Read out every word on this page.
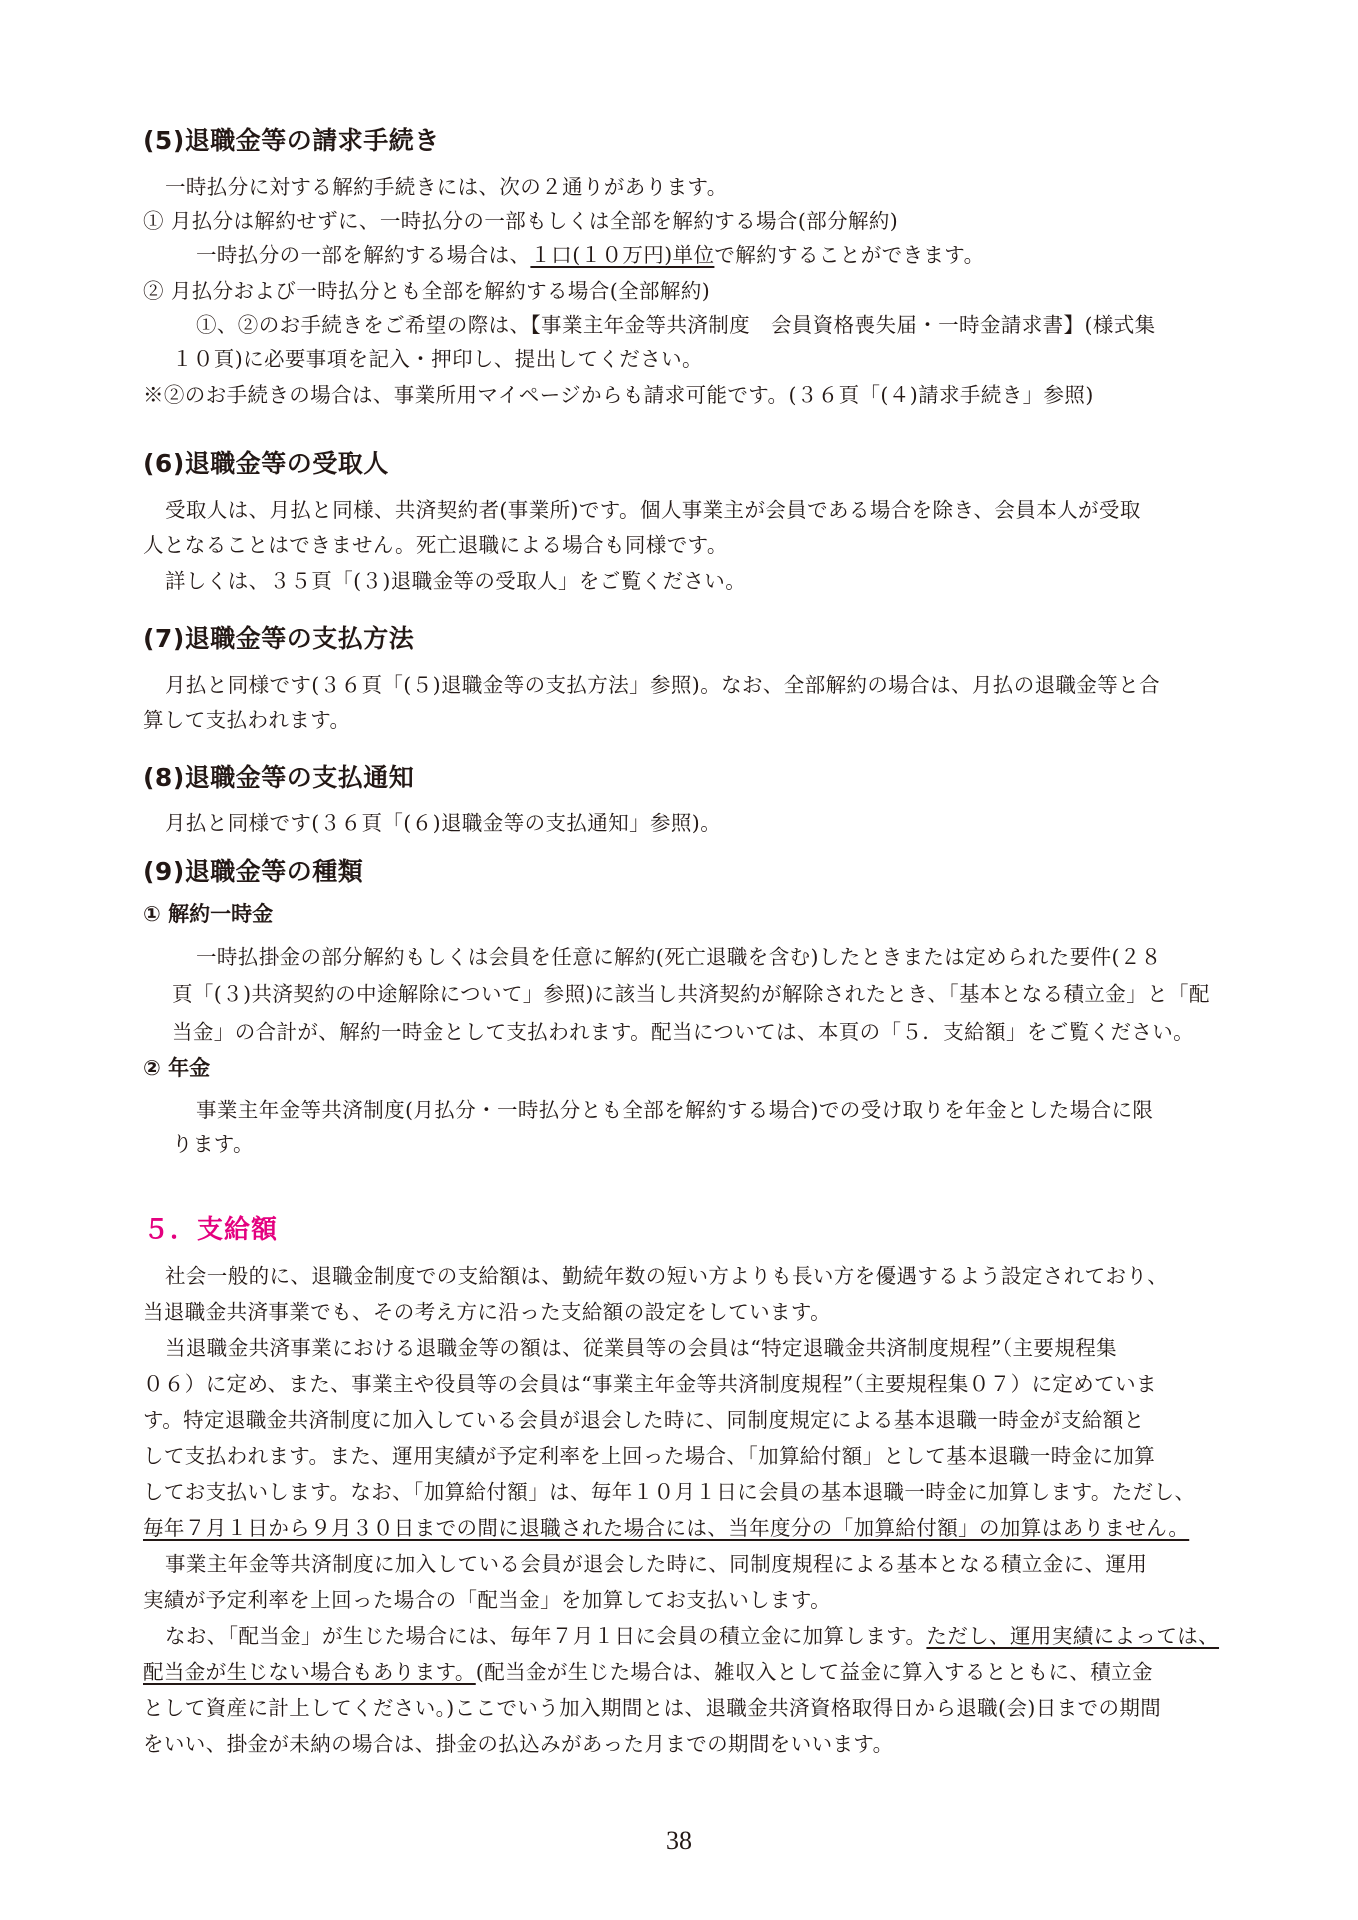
(5)退職金等の請求手続き
一時払分に対する解約手続きには、次の２通りがあります。
① 月払分は解約せずに、一時払分の一部もしくは全部を解約する場合(部分解約)
一時払分の一部を解約する場合は、１口(１０万円)単位で解約することができます。
② 月払分および一時払分とも全部を解約する場合(全部解約)
①、②のお手続きをご希望の際は、【事業主年金等共済制度　会員資格喪失届・一時金請求書】(様式集
１０頁)に必要事項を記入・押印し、提出してください。
※②のお手続きの場合は、事業所用マイページからも請求可能です。(３６頁「(４)請求手続き」参照)
(6)退職金等の受取人
受取人は、月払と同様、共済契約者(事業所)です。個人事業主が会員である場合を除き、会員本人が受取
人となることはできません。死亡退職による場合も同様です。
詳しくは、３５頁「(３)退職金等の受取人」をご覧ください。
(7)退職金等の支払方法
月払と同様です(３６頁「(５)退職金等の支払方法」参照)。なお、全部解約の場合は、月払の退職金等と合
算して支払われます。
(8)退職金等の支払通知
月払と同様です(３６頁「(６)退職金等の支払通知」参照)。
(9)退職金等の種類
① 解約一時金
一時払掛金の部分解約もしくは会員を任意に解約(死亡退職を含む)したときまたは定められた要件(２８
頁「(３)共済契約の中途解除について」参照)に該当し共済契約が解除されたとき、「基本となる積立金」と「配
当金」の合計が、解約一時金として支払われます。配当については、本頁の「５．支給額」をご覧ください。
② 年金
事業主年金等共済制度(月払分・一時払分とも全部を解約する場合)での受け取りを年金とした場合に限
ります。
５．支給額
社会一般的に、退職金制度での支給額は、勤続年数の短い方よりも長い方を優遇するよう設定されており、
当退職金共済事業でも、その考え方に沿った支給額の設定をしています。
当退職金共済事業における退職金等の額は、従業員等の会員は“特定退職金共済制度規程”（主要規程集
０６）に定め、また、事業主や役員等の会員は“事業主年金等共済制度規程”（主要規程集０７）に定めていま
す。特定退職金共済制度に加入している会員が退会した時に、同制度規定による基本退職一時金が支給額と
して支払われます。また、運用実績が予定利率を上回った場合、「加算給付額」として基本退職一時金に加算
してお支払いします。なお、「加算給付額」は、毎年１０月１日に会員の基本退職一時金に加算します。ただし、
毎年７月１日から９月３０日までの間に退職された場合には、当年度分の「加算給付額」の加算はありません。
事業主年金等共済制度に加入している会員が退会した時に、同制度規程による基本となる積立金に、運用
実績が予定利率を上回った場合の「配当金」を加算してお支払いします。
なお、「配当金」が生じた場合には、毎年７月１日に会員の積立金に加算します。ただし、運用実績によっては、
配当金が生じない場合もあります。(配当金が生じた場合は、雑収入として益金に算入するとともに、積立金
として資産に計上してください。)ここでいう加入期間とは、退職金共済資格取得日から退職(会)日までの期間
をいい、掛金が未納の場合は、掛金の払込みがあった月までの期間をいいます。
38
